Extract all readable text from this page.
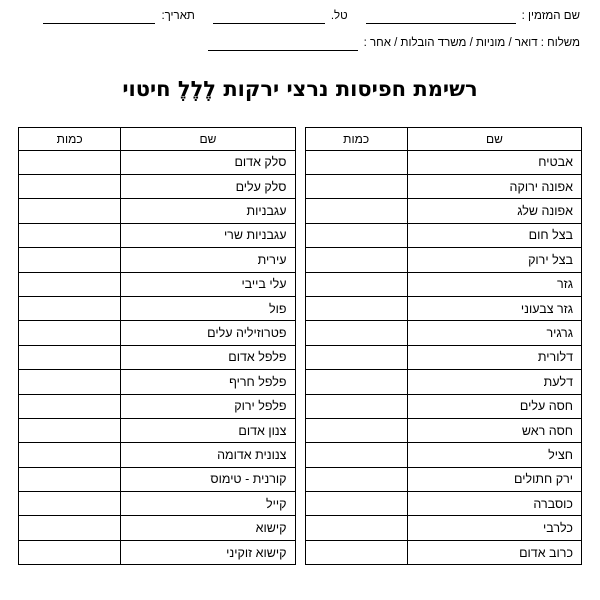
שם המזמין :
טל.
תאריך:
משלוח : דואר / מוניות / משרד הובלות / אחר :
רשימת חפיסות נרצי ירקות לֶלֶלֶ חיטוי
שם	כמות
אבטיח	
אפונה ירוקה	
אפונה שלג	
בצל חום	
בצל ירוק	
גזר	
גזר צבעוני	
גרגיר	
דלורית	
דלעת	
חסה עלים	
חסה ראש	
חציל	
ירק חתולים	
כוסברה	
כלרבי	
כרוב אדום	
שם	כמות
סלק אדום	
סלק עלים	
עגבניות	
עגבניות שרי	
עירית	
עלי בייבי	
פול	
פטרוזיליה עלים	
פלפל אדום	
פלפל חריף	
פלפל ירוק	
צנון אדום	
צנונית אדומה	
קורנית - טימוס	
קייל	
קישוא	
קישוא זוקיני	
